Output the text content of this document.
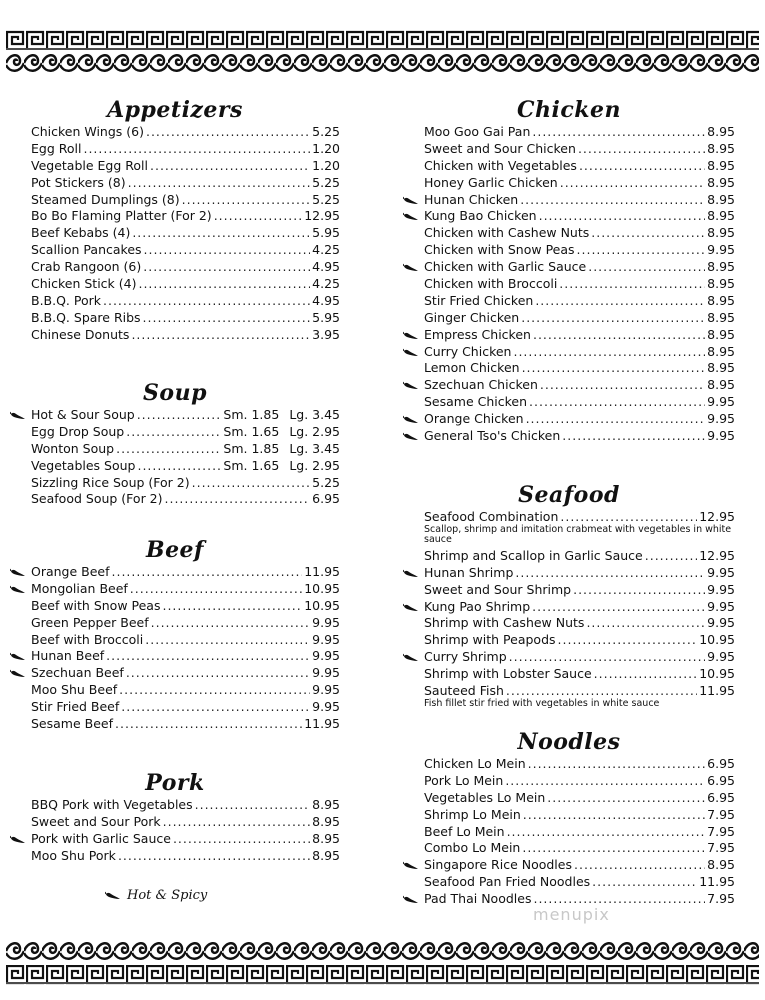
Appetizers
Chicken Wings (6) .....	5.25
Egg Roll .....	1.20
Vegetable Egg Roll .....	1.20
Pot Stickers (8) .....	5.25
Steamed Dumplings (8) .....	5.25
Bo Bo Flaming Platter (For 2) .....	12.95
Beef Kebabs (4) .....	5.95
Scallion Pancakes .....	4.25
Crab Rangoon (6) .....	4.95
Chicken Stick (4) .....	4.25
B.B.Q. Pork .....	4.95
B.B.Q. Spare Ribs .....	5.95
Chinese Donuts .....	3.95
Soup
Hot & Sour Soup .....	Sm. 1.85 Lg. 3.45
Egg Drop Soup .....	Sm. 1.65 Lg. 2.95
Wonton Soup .....	Sm. 1.85 Lg. 3.45
Vegetables Soup .....	Sm. 1.65 Lg. 2.95
Sizzling Rice Soup (For 2) .....	5.25
Seafood Soup (For 2) .....	6.95
Beef
Orange Beef .....	11.95
Mongolian Beef .....	10.95
Beef with Snow Peas .....	10.95
Green Pepper Beef .....	9.95
Beef with Broccoli .....	9.95
Hunan Beef .....	9.95
Szechuan Beef .....	9.95
Moo Shu Beef .....	9.95
Stir Fried Beef .....	9.95
Sesame Beef .....	11.95
Pork
BBQ Pork with Vegetables .....	8.95
Sweet and Sour Pork .....	8.95
Pork with Garlic Sauce .....	8.95
Moo Shu Pork .....	8.95
Hot & Spicy
Chicken
Moo Goo Gai Pan .....	8.95
Sweet and Sour Chicken .....	8.95
Chicken with Vegetables .....	8.95
Honey Garlic Chicken .....	8.95
Hunan Chicken .....	8.95
Kung Bao Chicken .....	8.95
Chicken with Cashew Nuts .....	8.95
Chicken with Snow Peas .....	9.95
Chicken with Garlic Sauce .....	8.95
Chicken with Broccoli .....	8.95
Stir Fried Chicken .....	8.95
Ginger Chicken .....	8.95
Empress Chicken .....	8.95
Curry Chicken .....	8.95
Lemon Chicken .....	8.95
Szechuan Chicken .....	8.95
Sesame Chicken .....	9.95
Orange Chicken .....	9.95
General Tso's Chicken .....	9.95
Seafood
Seafood Combination .....	12.95
Scallop, shrimp and imitation crabmeat with vegetables in white sauce
Shrimp and Scallop in Garlic Sauce .....	12.95
Hunan Shrimp .....	9.95
Sweet and Sour Shrimp .....	9.95
Kung Pao Shrimp .....	9.95
Shrimp with Cashew Nuts .....	9.95
Shrimp with Peapods .....	10.95
Curry Shrimp .....	9.95
Shrimp with Lobster Sauce .....	10.95
Sauteed Fish .....	11.95
Fish fillet stir fried with vegetables in white sauce
Noodles
Chicken Lo Mein .....	6.95
Pork Lo Mein .....	6.95
Vegetables Lo Mein .....	6.95
Shrimp Lo Mein .....	7.95
Beef Lo Mein .....	7.95
Combo Lo Mein .....	7.95
Singapore Rice Noodles .....	8.95
Seafood Pan Fried Noodles .....	11.95
Pad Thai Noodles .....	7.95
menupix
